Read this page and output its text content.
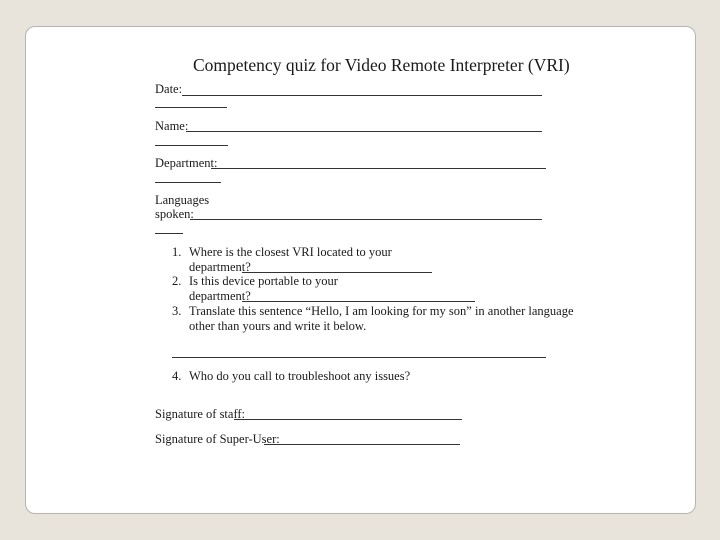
Competency quiz for Video Remote Interpreter (VRI)
Date:
Name:
Department:
Languages
spoken:
1. Where is the closest VRI located to your
department?
2. Is this device portable to your
department?
3. Translate this sentence “Hello, I am looking for my son” in another language
other than yours and write it below.
4. Who do you call to troubleshoot any issues?
Signature of staff:
Signature of Super-User:
